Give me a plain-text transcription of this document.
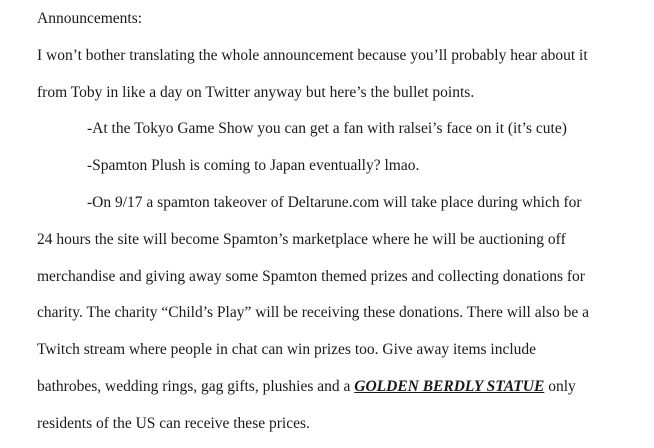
Announcements:
I won’t bother translating the whole announcement because you’ll probably hear about it
from Toby in like a day on Twitter anyway but here’s the bullet points.
-At the Tokyo Game Show you can get a fan with ralsei’s face on it (it’s cute)
-Spamton Plush is coming to Japan eventually? lmao.
-On 9/17 a spamton takeover of Deltarune.com will take place during which for
24 hours the site will become Spamton’s marketplace where he will be auctioning off
merchandise and giving away some Spamton themed prizes and collecting donations for
charity. The charity “Child’s Play” will be receiving these donations. There will also be a
Twitch stream where people in chat can win prizes too. Give away items include
bathrobes, wedding rings, gag gifts, plushies and a GOLDEN BERDLY STATUE only
residents of the US can receive these prices.
